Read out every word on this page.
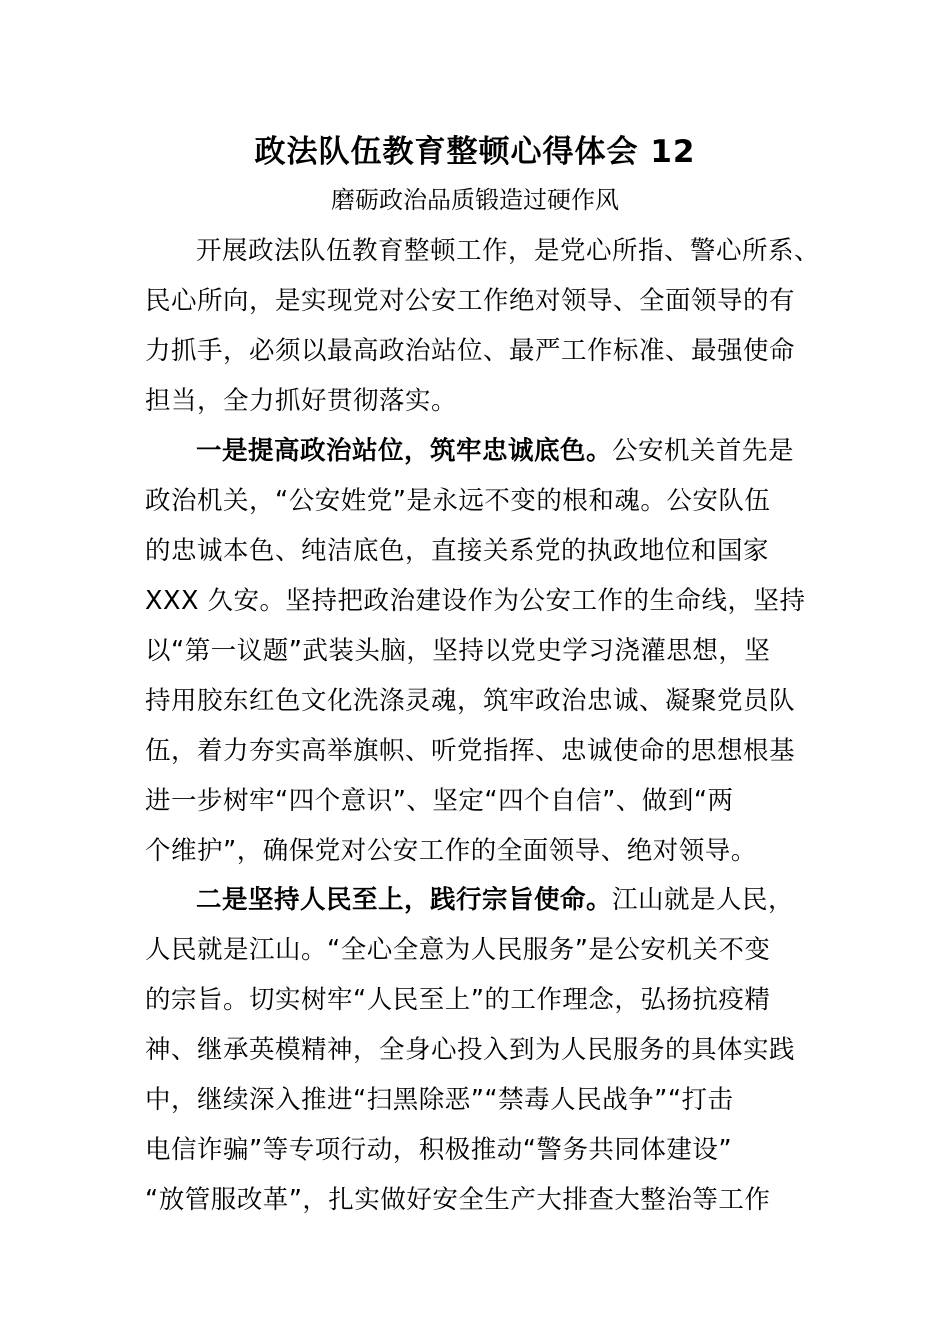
政法队伍教育整顿心得体会 12
磨砺政治品质锻造过硬作风
开展政法队伍教育整顿工作，是党心所指、警心所系、
民心所向，是实现党对公安工作绝对领导、全面领导的有
力抓手，必须以最高政治站位、最严工作标准、最强使命
担当，全力抓好贯彻落实。
一是提高政治站位，筑牢忠诚底色。公安机关首先是
政治机关，“公安姓党”是永远不变的根和魂。公安队伍
的忠诚本色、纯洁底色，直接关系党的执政地位和国家
XXX 久安。坚持把政治建设作为公安工作的生命线，坚持
以“第一议题”武装头脑，坚持以党史学习浇灌思想，坚
持用胶东红色文化洗涤灵魂，筑牢政治忠诚、凝聚党员队
伍，着力夯实高举旗帜、听党指挥、忠诚使命的思想根基
进一步树牢“四个意识”、坚定“四个自信”、做到“两
个维护”，确保党对公安工作的全面领导、绝对领导。
二是坚持人民至上，践行宗旨使命。江山就是人民，
人民就是江山。“全心全意为人民服务”是公安机关不变
的宗旨。切实树牢“人民至上”的工作理念，弘扬抗疫精
神、继承英模精神，全身心投入到为人民服务的具体实践
中，继续深入推进“扫黑除恶”“禁毒人民战争”“打击
电信诈骗”等专项行动，积极推动“警务共同体建设”
“放管服改革”，扎实做好安全生产大排查大整治等工作
